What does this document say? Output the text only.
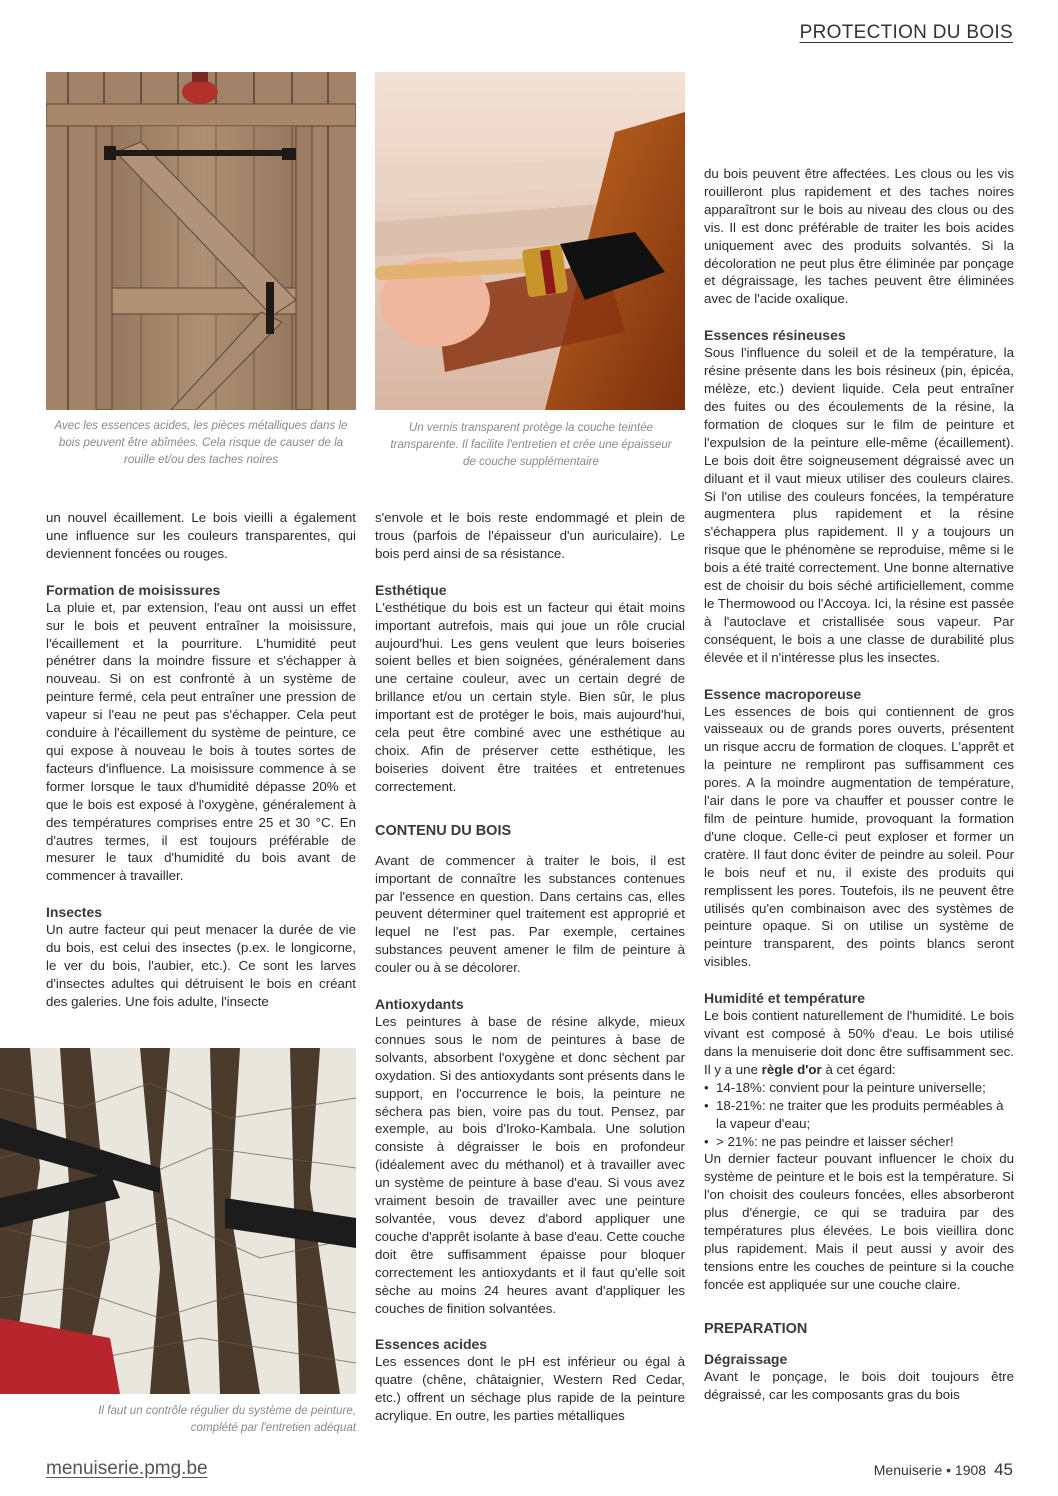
PROTECTION DU BOIS
Avec les essences acides, les pièces métalliques dans le bois peuvent être abîmées. Cela risque de causer de la rouille et/ou des taches noires
Un vernis transparent protège la couche teintée transparente. Il facilite l'entretien et crée une épaisseur de couche supplémentaire
Il faut un contrôle régulier du système de peinture, complété par l'entretien adéquat

un nouvel écaillement. Le bois vieilli a également une influence sur les couleurs transparentes, qui deviennent foncées ou rouges.

Formation de moisissures

La pluie et, par extension, l'eau ont aussi un effet sur le bois et peuvent entraîner la moisissure, l'écaillement et la pourriture. L'humidité peut pénétrer dans la moindre fissure et s'échapper à nouveau. Si on est confronté à un système de peinture fermé, cela peut entraîner une pression de vapeur si l'eau ne peut pas s'échapper. Cela peut conduire à l'écaillement du système de peinture, ce qui expose à nouveau le bois à toutes sortes de facteurs d'influence. La moisissure commence à se former lorsque le taux d'humidité dépasse 20% et que le bois est exposé à l'oxygène, généralement à des températures comprises entre 25 et 30 °C. En d'autres termes, il est toujours préférable de mesurer le taux d'humidité du bois avant de commencer à travailler.

Insectes

Un autre facteur qui peut menacer la durée de vie du bois, est celui des insectes (p.ex. le longicorne, le ver du bois, l'aubier, etc.). Ce sont les larves d'insectes adultes qui détruisent le bois en créant des galeries. Une fois adulte, l'insecte

s'envole et le bois reste endommagé et plein de trous (parfois de l'épaisseur d'un auriculaire). Le bois perd ainsi de sa résistance.

Esthétique

L'esthétique du bois est un facteur qui était moins important autrefois, mais qui joue un rôle crucial aujourd'hui. Les gens veulent que leurs boiseries soient belles et bien soignées, généralement dans une certaine couleur, avec un certain degré de brillance et/ou un certain style. Bien sûr, le plus important est de protéger le bois, mais aujourd'hui, cela peut être combiné avec une esthétique au choix. Afin de préserver cette esthétique, les boiseries doivent être traitées et entretenues correctement.

CONTENU DU BOIS

Avant de commencer à traiter le bois, il est important de connaître les substances contenues par l'essence en question. Dans certains cas, elles peuvent déterminer quel traitement est approprié et lequel ne l'est pas. Par exemple, certaines substances peuvent amener le film de peinture à couler ou à se décolorer.

Antioxydants

Les peintures à base de résine alkyde, mieux connues sous le nom de peintures à base de solvants, absorbent l'oxygène et donc sèchent par oxydation. Si des antioxydants sont présents dans le support, en l'occurrence le bois, la peinture ne séchera pas bien, voire pas du tout. Pensez, par exemple, au bois d'Iroko-Kambala. Une solution consiste à dégraisser le bois en profondeur (idéalement avec du méthanol) et à travailler avec un système de peinture à base d'eau. Si vous avez vraiment besoin de travailler avec une peinture solvantée, vous devez d'abord appliquer une couche d'apprêt isolante à base d'eau. Cette couche doit être suffisamment épaisse pour bloquer correctement les antioxydants et il faut qu'elle soit sèche au moins 24 heures avant d'appliquer les couches de finition solvantées.

Essences acides

Les essences dont le pH est inférieur ou égal à quatre (chêne, châtaignier, Western Red Cedar, etc.) offrent un séchage plus rapide de la peinture acrylique. En outre, les parties métalliques

du bois peuvent être affectées. Les clous ou les vis rouilleront plus rapidement et des taches noires apparaîtront sur le bois au niveau des clous ou des vis. Il est donc préférable de traiter les bois acides uniquement avec des produits solvantés. Si la décoloration ne peut plus être éliminée par ponçage et dégraissage, les taches peuvent être éliminées avec de l'acide oxalique.

Essences résineuses

Sous l'influence du soleil et de la température, la résine présente dans les bois résineux (pin, épicéa, mélèze, etc.) devient liquide. Cela peut entraîner des fuites ou des écoulements de la résine, la formation de cloques sur le film de peinture et l'expulsion de la peinture elle-même (écaillement). Le bois doit être soigneusement dégraissé avec un diluant et il vaut mieux utiliser des couleurs claires. Si l'on utilise des couleurs foncées, la température augmentera plus rapidement et la résine s'échappera plus rapidement. Il y a toujours un risque que le phénomène se reproduise, même si le bois a été traité correctement. Une bonne alternative est de choisir du bois séché artificiellement, comme le Thermowood ou l'Accoya. Ici, la résine est passée à l'autoclave et cristallisée sous vapeur. Par conséquent, le bois a une classe de durabilité plus élevée et il n'intéresse plus les insectes.

Essence macroporeuse

Les essences de bois qui contiennent de gros vaisseaux ou de grands pores ouverts, présentent un risque accru de formation de cloques. L'apprêt et la peinture ne rempliront pas suffisamment ces pores. A la moindre augmentation de température, l'air dans le pore va chauffer et pousser contre le film de peinture humide, provoquant la formation d'une cloque. Celle-ci peut exploser et former un cratère. Il faut donc éviter de peindre au soleil. Pour le bois neuf et nu, il existe des produits qui remplissent les pores. Toutefois, ils ne peuvent être utilisés qu'en combinaison avec des systèmes de peinture opaque. Si on utilise un système de peinture transparent, des points blancs seront visibles.

Humidité et température

Le bois contient naturellement de l'humidité. Le bois vivant est composé à 50% d'eau. Le bois utilisé dans la menuiserie doit donc être suffisamment sec. Il y a une règle d'or à cet égard:

• 14-18%: convient pour la peinture universelle;
• 18-21%: ne traiter que les produits perméables à la vapeur d'eau;
• > 21%: ne pas peindre et laisser sécher!

Un dernier facteur pouvant influencer le choix du système de peinture et le bois est la température. Si l'on choisit des couleurs foncées, elles absorberont plus d'énergie, ce qui se traduira par des températures plus élevées. Le bois vieillira donc plus rapidement. Mais il peut aussi y avoir des tensions entre les couches de peinture si la couche foncée est appliquée sur une couche claire.

PREPARATION
Dégraissage

Avant le ponçage, le bois doit toujours être dégraissé, car les composants gras du bois

menuiserie.pmg.be	Menuiserie • 1908 45
